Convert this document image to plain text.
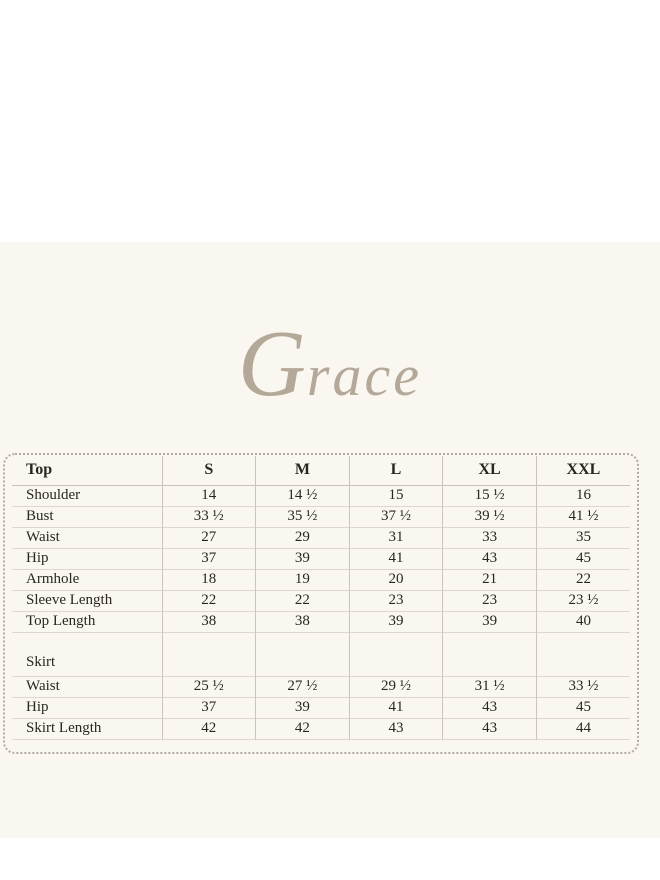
Grace
Top	S	M	L	XL	XXL
Shoulder	14	14 ½	15	15 ½	16
Bust	33 ½	35 ½	37 ½	39 ½	41 ½
Waist	27	29	31	33	35
Hip	37	39	41	43	45
Armhole	18	19	20	21	22
Sleeve Length	22	22	23	23	23 ½
Top Length	38	38	39	39	40
Skirt					
Waist	25 ½	27 ½	29 ½	31 ½	33 ½
Hip	37	39	41	43	45
Skirt Length	42	42	43	43	44
